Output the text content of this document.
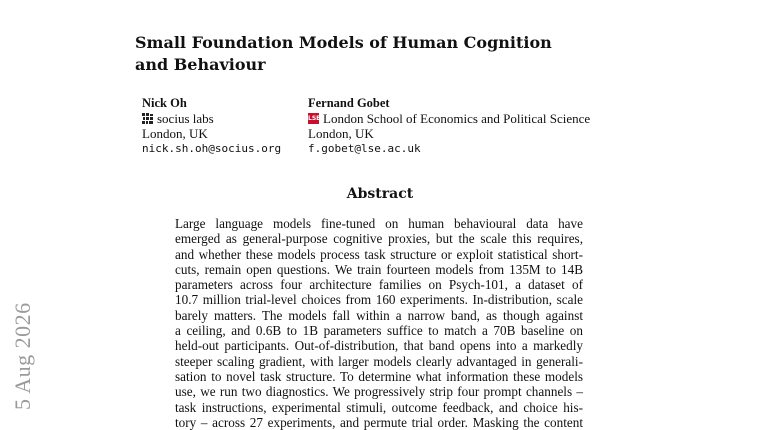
Small Foundation Models of Human Cognition
and Behaviour
Nick Oh
socius labs
London, UK
nick.sh.oh@socius.org
Fernand Gobet
LSE London School of Economics and Political Science
London, UK
f.gobet@lse.ac.uk
Abstract
Large language models fine-tuned on human behavioural data have
emerged as general-purpose cognitive proxies, but the scale this requires,
and whether these models process task structure or exploit statistical short-
cuts, remain open questions. We train fourteen models from 135M to 14B
parameters across four architecture families on Psych-101, a dataset of
10.7 million trial-level choices from 160 experiments. In-distribution, scale
barely matters. The models fall within a narrow band, as though against
a ceiling, and 0.6B to 1B parameters suffice to match a 70B baseline on
held-out participants. Out-of-distribution, that band opens into a markedly
steeper scaling gradient, with larger models clearly advantaged in generali-
sation to novel task structure. To determine what information these models
use, we run two diagnostics. We progressively strip four prompt channels –
task instructions, experimental stimuli, outcome feedback, and choice his-
tory – across 27 experiments, and permute trial order. Masking the content
5 Aug 2026
